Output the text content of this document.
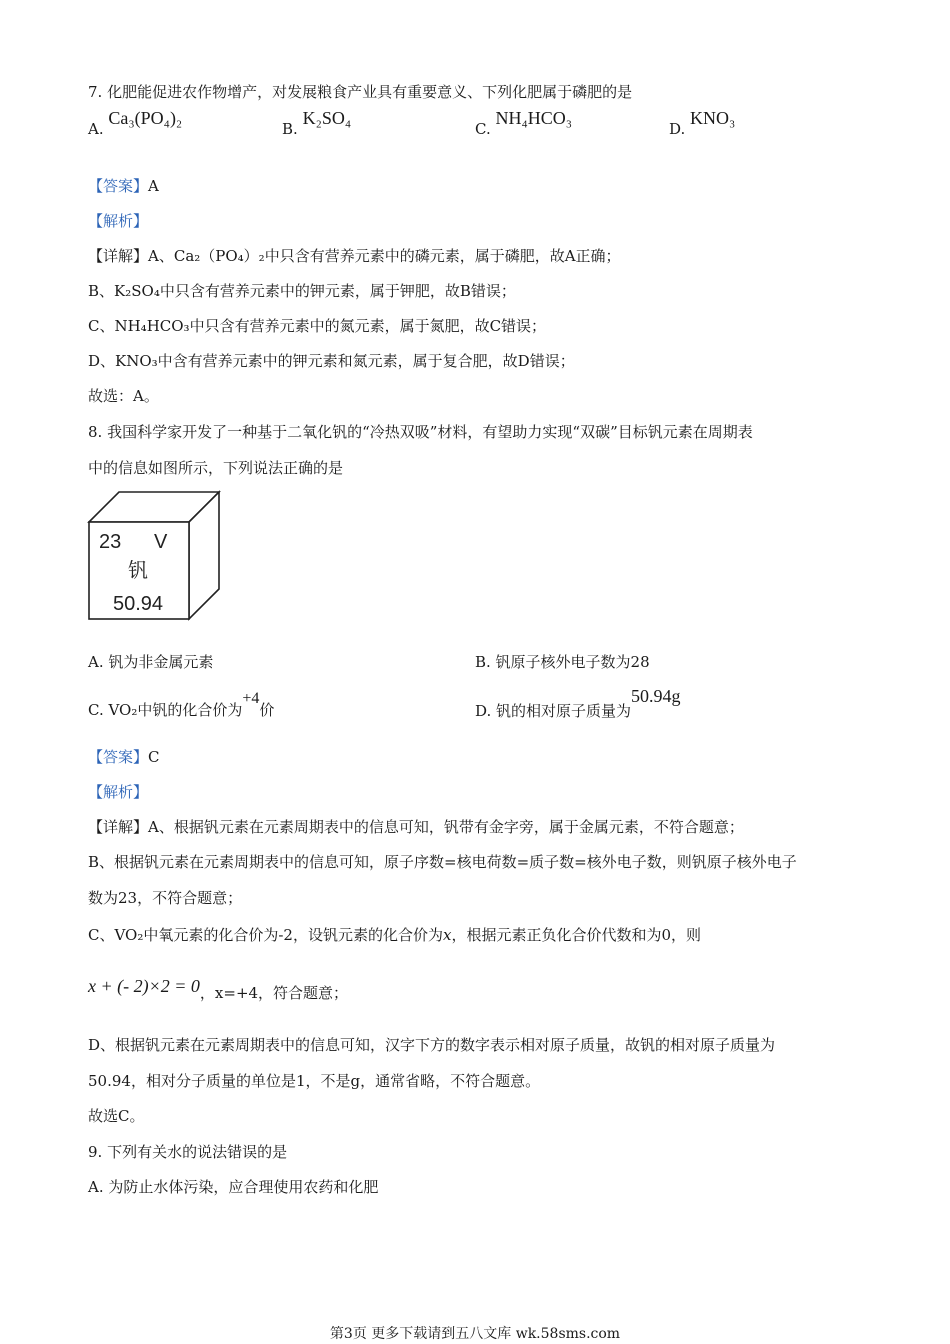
7. 化肥能促进农作物增产，对发展粮食产业具有重要意义、下列化肥属于磷肥的是
A. Ca₃(PO₄)₂
B. K₂SO₄
C. NH₄HCO₃
D. KNO₃
【答案】A
【解析】
【详解】A、Ca₂（PO₄）₂中只含有营养元素中的磷元素，属于磷肥，故A正确；
B、K₂SO₄中只含有营养元素中的钾元素，属于钾肥，故B错误；
C、NH₄HCO₃中只含有营养元素中的氮元素，属于氮肥，故C错误；
D、KNO₃中含有营养元素中的钾元素和氮元素，属于复合肥，故D错误；
故选：A。
8. 我国科学家开发了一种基于二氧化钒的“冷热双吸”材料，有望助力实现“双碳”目标钒元素在周期表
中的信息如图所示，下列说法正确的是
23 V
钒
50.94
A. 钒为非金属元素	B. 钒原子核外电子数为28
C. VO₂中钒的化合价为+4价	D. 钒的相对原子质量为50.94g
【答案】C
【解析】
【详解】A、根据钒元素在元素周期表中的信息可知，钒带有金字旁，属于金属元素，不符合题意；
B、根据钒元素在元素周期表中的信息可知，原子序数=核电荷数=质子数=核外电子数，则钒原子核外电子
数为23，不符合题意；
C、VO₂中氧元素的化合价为-2，设钒元素的化合价为x，根据元素正负化合价代数和为0，则
x + (- 2)×2 = 0，x=+4，符合题意；
D、根据钒元素在元素周期表中的信息可知，汉字下方的数字表示相对原子质量，故钒的相对原子质量为
50.94，相对分子质量的单位是1，不是g，通常省略，不符合题意。
故选C。
9. 下列有关水的说法错误的是
A. 为防止水体污染，应合理使用农药和化肥
第3页 更多下载请到五八文库 wk.58sms.com
